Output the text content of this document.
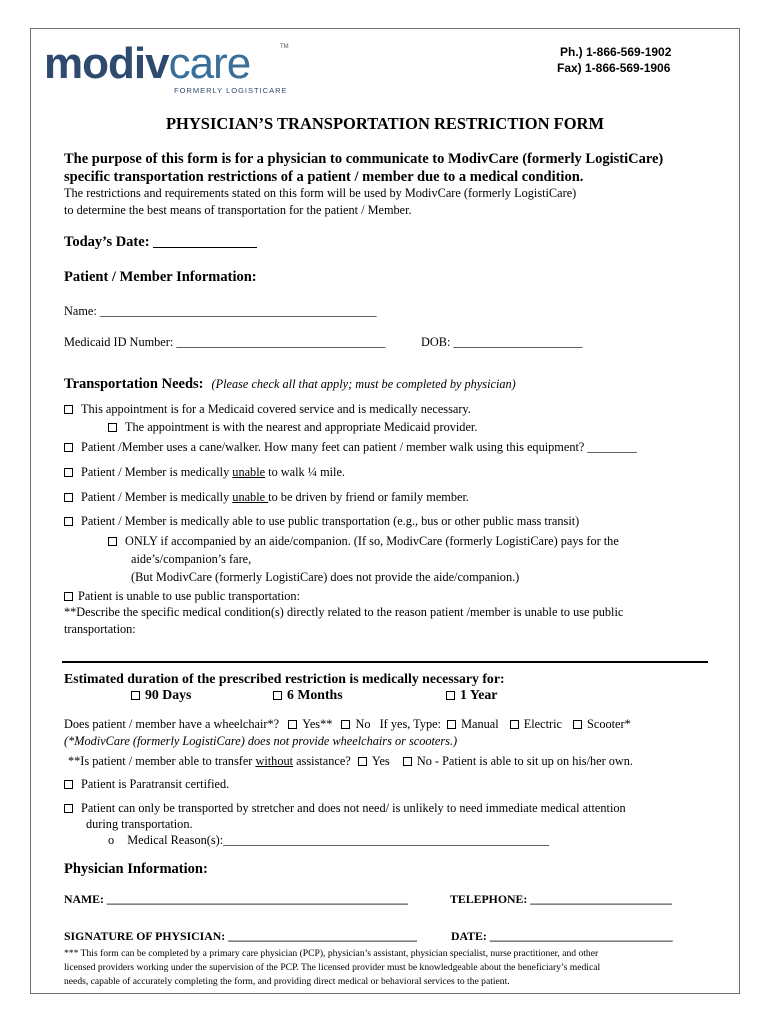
modivcare	TM
FORMERLY LOGISTICARE
Ph.) 1-866-569-1902
Fax) 1-866-569-1906
PHYSICIAN’S TRANSPORTATION RESTRICTION FORM
The purpose of this form is for a physician to communicate to ModivCare (formerly LogistiCare)
specific transportation restrictions of a patient / member due to a medical condition.
The restrictions and requirements stated on this form will be used by ModivCare (formerly LogistiCare)
to determine the best means of transportation for the patient / Member.
Today’s Date:
Patient / Member Information:
Name: _____________________________________________
Medicaid ID Number: __________________________________	DOB: _____________________
Transportation Needs: (Please check all that apply; must be completed by physician)
This appointment is for a Medicaid covered service and is medically necessary.
The appointment is with the nearest and appropriate Medicaid provider.
Patient /Member uses a cane/walker. How many feet can patient / member walk using this equipment? ________
Patient / Member is medically unable to walk ¼ mile.
Patient / Member is medically unable to be driven by friend or family member.
Patient / Member is medically able to use public transportation (e.g., bus or other public mass transit)
ONLY if accompanied by an aide/companion. (If so, ModivCare (formerly LogistiCare) pays for the
aide’s/companion’s fare,
(But ModivCare (formerly LogistiCare) does not provide the aide/companion.)
Patient is unable to use public transportation:
**Describe the specific medical condition(s) directly related to the reason patient /member is unable to use public
transportation:
Estimated duration of the prescribed restriction is medically necessary for:
90 Days	6 Months	1 Year
Does patient / member have a wheelchair*? Yes** No If yes, Type: Manual Electric Scooter*
(*ModivCare (formerly LogistiCare) does not provide wheelchairs or scooters.)
**Is patient / member able to transfer without assistance? Yes No - Patient is able to sit up on his/her own.
Patient is Paratransit certified.
Patient can only be transported by stretcher and does not need/ is unlikely to need immediate medical attention
during transportation.
o Medical Reason(s):_____________________________________________________
Physician Information:
NAME: ___________________________________________________	TELEPHONE: ________________________
SIGNATURE OF PHYSICIAN: ________________________________	DATE: _______________________________
*** This form can be completed by a primary care physician (PCP), physician’s assistant, physician specialist, nurse practitioner, and other
licensed providers working under the supervision of the PCP. The licensed provider must be knowledgeable about the beneficiary’s medical
needs, capable of accurately completing the form, and providing direct medical or behavioral services to the patient.
